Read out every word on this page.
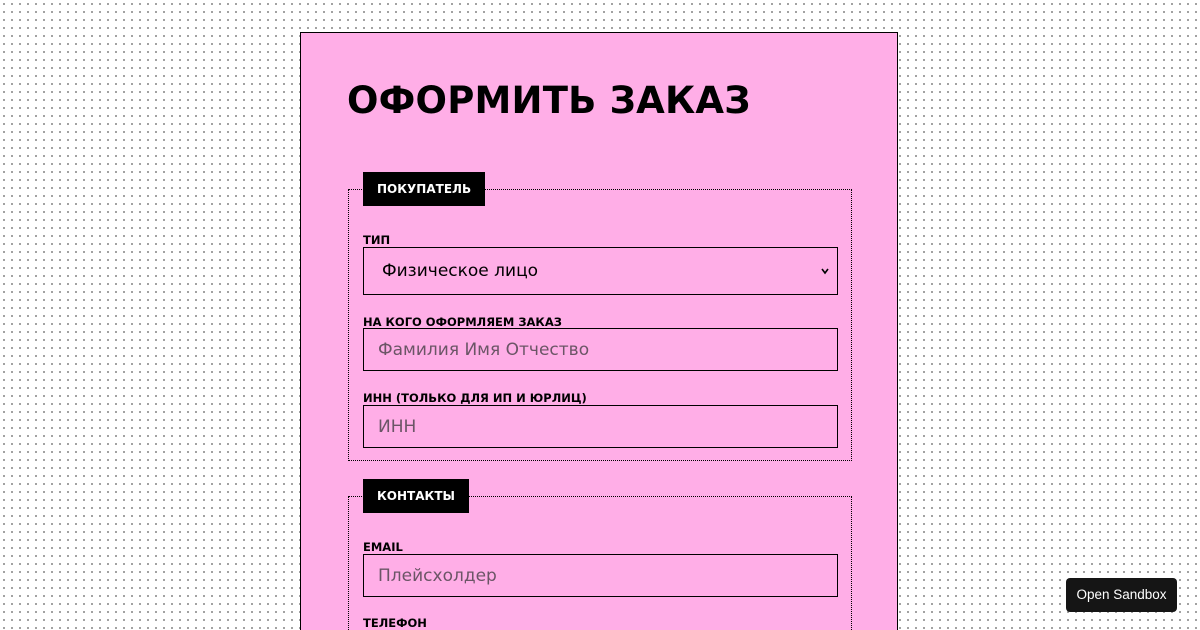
ОФОРМИТЬ ЗАКАЗ
ПОКУПАТЕЛЬ
ТИП
Физическое лицо
НА КОГО ОФОРМЛЯЕМ ЗАКАЗ
Фамилия Имя Отчество
ИНН (ТОЛЬКО ДЛЯ ИП И ЮРЛИЦ)
ИНН
КОНТАКТЫ
EMAIL
Плейсхолдер
ТЕЛЕФОН
Open Sandbox
